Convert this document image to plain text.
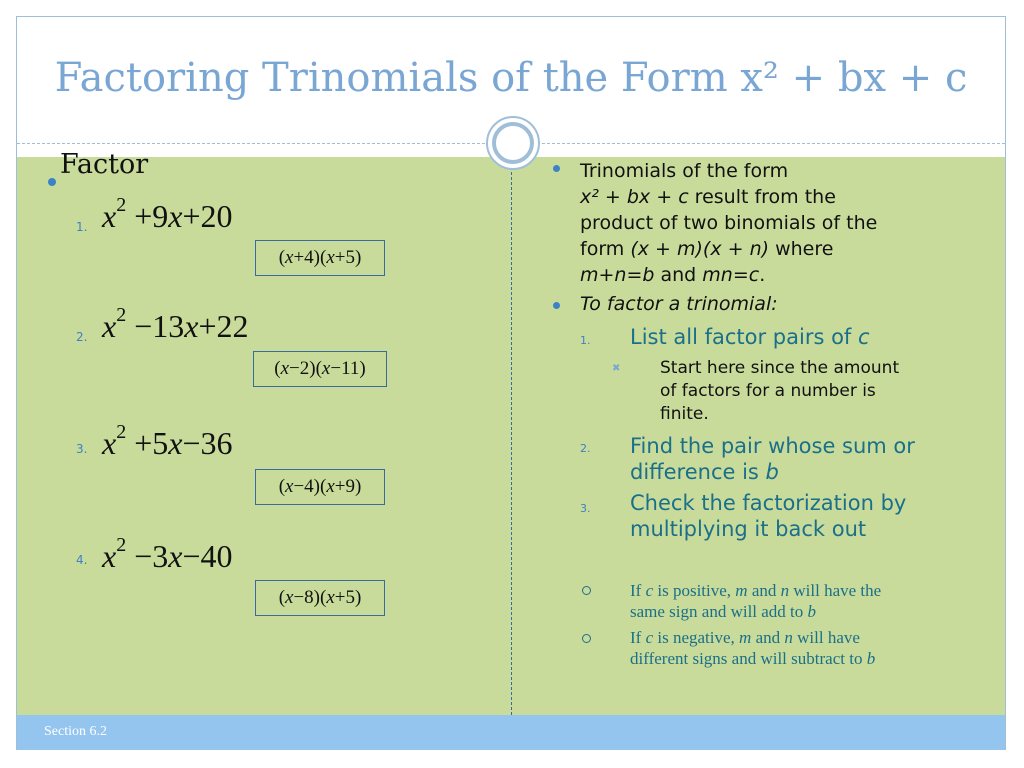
Factoring Trinomials of the Form x² + bx + c
Section 6.2
Factor
1. $x^2 +9x+20$
(x+4)(x+5)
2. $x^2 -13x+22$
(x−2)(x−11)
3. $x^2 +5x-36$
(x−4)(x+9)
4. $x^2 -3x-40$
(x−8)(x+5)
Trinomials of the form
x² + bx + c result from the
product of two binomials of the
form (x + m)(x + n) where
m+n=b and mn=c.
To factor a trinomial:
1. List all factor pairs of c
✖ Start here since the amount
of factors for a number is
finite.
2. Find the pair whose sum or
difference is b
3. Check the factorization by
multiplying it back out
If c is positive, m and n will have the
same sign and will add to b
If c is negative, m and n will have
different signs and will subtract to b
